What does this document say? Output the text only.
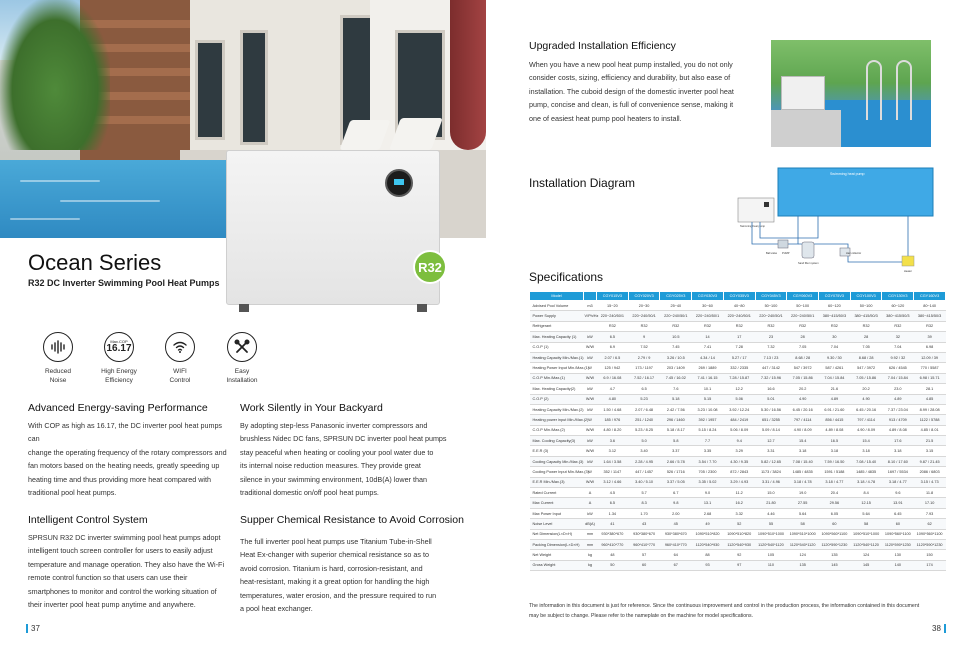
R32
Ocean Series
R32 DC Inverter Swimming Pool Heat Pumps
Reduced
Noise
Max.COP
16.17
High Energy
Efficiency
WIFI
Control
Easy
Installation
Advanced Energy-saving Performance
With COP as high as 16.17, the DC inverter pool heat pumps can
change the operating frequency of the rotary compressors and
fan motors based on the heating needs, greatly speeding up
heating time and thus providing more heat compared with
traditional pool heat pumps.
Work Silently in Your Backyard
By adopting step-less Panasonic inverter compressors and
brushless Nidec DC fans, SPRSUN DC inverter pool heat pumps
stay peaceful when heating or cooling your pool water due to
its internal noise reduction measures. They provide great
silence in your swimming environment, 10dB(A) lower than
traditional domestic on/off pool heat pumps.
Intelligent Control System
SPRSUN R32 DC inverter swimming pool heat pumps adopt
intelligent touch screen controller for users to easily adjust
temperature and manage operation. They also have the Wi-Fi
remote control function so that users can use their
smartphones to monitor and control the working situation of
their inverter pool heat pump anytime and anywhere.
Supper Chemical Resistance to Avoid Corrosion
The full inverter pool heat pumps use Titanium Tube-in-Shell
Heat Ex-changer with superior chemical resistance so as to
avoid corrosion. Titanium is hard, corrosion-resistant, and
heat-resistant, making it a great option for handling the high
temperatures, water erosion, and the pressure required to run
a pool heat exchanger.
37
Upgraded Installation Efficiency
When you have a new pool heat pump installed, you do not only
consider costs, sizing, efficiency and durability, but also ease of
installation. The cuboid design of the domestic inverter pool heat
pump, concise and clean, is full of convenience sense, making it
one of easiest heat pump pool heaters to install.
Installation Diagram
Swimming heat pump
Swimming heat pump
Ball valve PUMP
Sand filter system
Hair collector
Heater
Specifications
The information in this document is just for reference. Since the continuous improvement and control in the production process, the information contained in this document
may be subject to change. Please refer to the nameplate on the machine for model specifications.
38
Model		CGY015V3	CGY020V3	CGY025V3	CGY030V3	CGY035V3	CGY045V3	CGY060V3	CGY075V3	CGY100V3	CGY130V3	CGY160V3
Advised Pool Volume	m3	15~20	20~30	25~40	30~60	40~80	50~100	50~100	60~120	50~100	60~120	80~140
Power Supply	V/Ph/Hz	220~240/50/1	220~240/50/1	220~240/50/1	220~240/50/1	220~240/50/1	220~240/50/1	220~240/50/1	380~415/50/3	380~415/50/3	380~415/50/3	380~415/50/3
Refrigerant		R32	R32	R32	R32	R32	R32	R32	R32	R32	R32	R32
Max. Heating Capacity (1)	kW	6.5	9	10.5	14	17	23	28	30	28	32	39
C.O.P (1)	W/W	6.9	7.52	7.45	7.41	7.28	7.32	7.05	7.04	7.05	7.04	6.98
Heating Capacity Min./Max.(1)	kW	2.07 / 6.5	2.79 / 9	3.26 / 10.5	4.34 / 14	5.27 / 17	7.13 / 23	8.68 / 28	9.30 / 30	8.68 / 28	9.92 / 32	12.09 / 39
Heating Power Input Min./Max.(1)	W	125 / 942	173 / 1197	203 / 1409	269 / 1889	332 / 2335	447 / 3142	547 / 3972	587 / 4261	547 / 3972	626 / 4545	770 / 5587
C.O.P Min./Max.(1)	W/W	6.9 / 16.08	7.52 / 16.17	7.45 / 16.02	7.41 / 16.15	7.28 / 15.87	7.32 / 15.96	7.05 / 15.86	7.04 / 15.84	7.05 / 15.86	7.04 / 15.84	6.98 / 15.71
Max. Heating Capacity(2)	kW	4.7	6.5	7.6	10.1	12.2	16.6	20.2	21.6	20.2	23.0	28.1
C.O.P (2)	W/W	4.80	5.23	5.18	5.15	5.06	5.01	4.90	4.89	4.90	4.89	4.85
Heating Capacity Min./Max.(2)	kW	1.50 / 4.68	2.07 / 6.48	2.42 / 7.56	3.23 / 10.08	3.92 / 12.24	5.30 / 16.56	6.45 / 20.16	6.91 / 21.60	6.45 / 20.16	7.37 / 23.04	8.99 / 28.08
Heating power input Min./Max.(2)	W	185 / 976	251 / 1240	296 / 1460	392 / 1957	484 / 2419	651 / 3255	797 / 4114	856 / 4415	797 / 4114	913 / 4709	1122 / 5788
C.O.P Min./Max.(2)	W/W	4.80 / 8.20	5.23 / 8.25	5.18 / 8.17	5.15 / 8.24	5.06 / 8.09	5.09 / 8.14	4.90 / 8.09	4.89 / 8.08	4.90 / 8.09	4.89 / 8.08	4.85 / 8.01
Max. Cooling Capacity(3)	kW	3.6	5.0	5.8	7.7	9.4	12.7	15.4	16.5	15.4	17.6	21.5
E.E.R (3)	W/W	3.12	3.40	3.37	3.35	3.29	3.31	3.18	3.18	3.18	3.18	3.15
Cooling Capacity Min./Max.(3)	kW	1.64 / 3.58	2.28 / 4.95	2.66 / 5.78	3.54 / 7.70	4.30 / 9.35	5.82 / 12.65	7.08 / 15.40	7.59 / 16.50	7.08 / 15.40	8.10 / 17.60	9.87 / 21.45
Cooling Power Input Min./Max.(3)	W	352 / 1147	447 / 1457	526 / 1716	705 / 2300	872 / 2843	1173 / 3824	1485 / 4835	1591 / 5188	1485 / 4835	1697 / 5534	2086 / 6803
E.E.R Min./Max.(3)	W/W	3.12 / 4.66	3.40 / 5.10	3.37 / 5.05	3.35 / 5.02	3.29 / 4.93	3.31 / 4.96	3.18 / 4.78	3.18 / 4.77	3.18 / 4.78	3.18 / 4.77	3.15 / 4.73
Rated Current	A	4.5	5.7	6.7	9.0	11.2	15.0	19.0	20.4	8.4	9.6	11.8
Max Current	A	6.5	8.3	9.8	13.1	16.2	21.80	27.55	29.56	12.15	13.91	17.10
Max Power Input	kW	1.34	1.70	2.00	2.68	3.32	4.46	5.64	6.05	5.64	6.45	7.93
Noise Level	dB(A)	41	43	45	49	52	55	58	60	58	60	62
Net Dimension(L×D×H)	mm	930*380*670	930*380*670	930*380*670	1090*510*820	1090*510*820	1090*510*1000	1090*510*1000	1090*560*1100	1090*510*1000	1090*560*1100	1090*560*1100
Packing Dimension(L×D×H)	mm	960*410*770	960*410*770	960*410*770	1120*540*930	1120*540*930	1120*540*1120	1120*540*1120	1120*590*1230	1120*540*1120	1120*590*1230	1120*590*1230
Net Weight	kg	48	57	64	88	92	105	124	135	124	130	150
Gross Weight	kg	50	60	67	93	97	110	135	145	145	140	174
